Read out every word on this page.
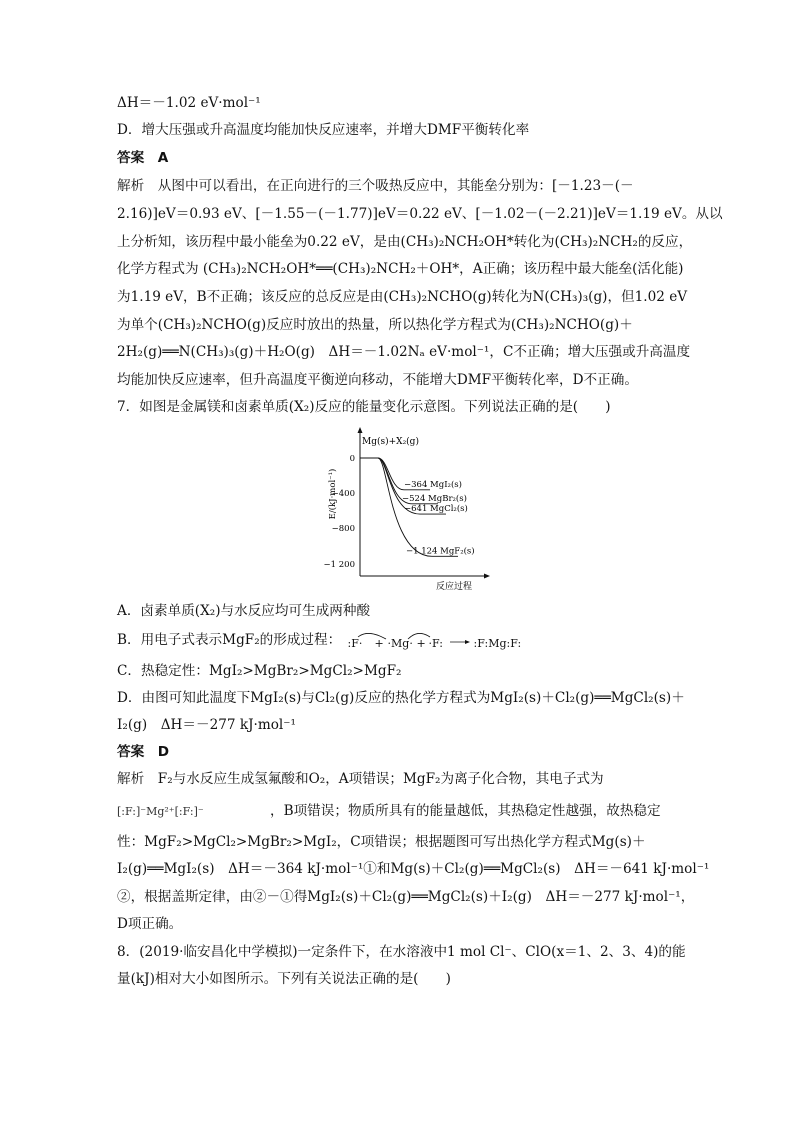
ΔH＝－1.02 eV·mol⁻¹
D．增大压强或升高温度均能加快反应速率，并增大DMF平衡转化率
答案　A
解析　从图中可以看出，在正向进行的三个吸热反应中，其能垒分别为：[－1.23－(－
2.16)]eV＝0.93 eV、[－1.55－(－1.77)]eV＝0.22 eV、[－1.02－(－2.21)]eV＝1.19 eV。从以
上分析知，该历程中最小能垒为0.22 eV，是由(CH₃)₂NCH₂OH*转化为(CH₃)₂NCH₂的反应，
化学方程式为 (CH₃)₂NCH₂OH*══(CH₃)₂NCH₂＋OH*，A正确；该历程中最大能垒(活化能)
为1.19 eV，B不正确；该反应的总反应是由(CH₃)₂NCHO(g)转化为N(CH₃)₃(g)，但1.02 eV
为单个(CH₃)₂NCHO(g)反应时放出的热量，所以热化学方程式为(CH₃)₂NCHO(g)＋
2H₂(g)══N(CH₃)₃(g)＋H₂O(g)　ΔH＝－1.02Nₐ eV·mol⁻¹，C不正确；增大压强或升高温度
均能加快反应速率，但升高温度平衡逆向移动，不能增大DMF平衡转化率，D不正确。
7．如图是金属镁和卤素单质(X₂)反应的能量变化示意图。下列说法正确的是(　　)
E/(kJ·mol⁻¹)
Mg(s)+X₂(g)
0
−400
−800
−1 200
−364 MgI₂(s)
−524 MgBr₂(s)
−641 MgCl₂(s)
−1 124 MgF₂(s)
反应过程
A．卤素单质(X₂)与水反应均可生成两种酸
B．用电子式表示MgF₂的形成过程： :F· + ·Mg· + ·F:	:F:Mg:F:
C．热稳定性：MgI₂>MgBr₂>MgCl₂>MgF₂
D．由图可知此温度下MgI₂(s)与Cl₂(g)反应的热化学方程式为MgI₂(s)＋Cl₂(g)══MgCl₂(s)＋
I₂(g)　ΔH＝－277 kJ·mol⁻¹
答案　D
解析　F₂与水反应生成氢氟酸和O₂，A项错误；MgF₂为离子化合物，其电子式为
[:F:]⁻Mg²⁺[:F:]⁻	，B项错误；物质所具有的能量越低，其热稳定性越强，故热稳定
性：MgF₂>MgCl₂>MgBr₂>MgI₂，C项错误；根据题图可写出热化学方程式Mg(s)＋
I₂(g)══MgI₂(s)　ΔH＝－364 kJ·mol⁻¹①和Mg(s)＋Cl₂(g)══MgCl₂(s)　ΔH＝－641 kJ·mol⁻¹
②，根据盖斯定律，由②－①得MgI₂(s)＋Cl₂(g)══MgCl₂(s)＋I₂(g)　ΔH＝－277 kJ·mol⁻¹，
D项正确。
8．(2019·临安昌化中学模拟)一定条件下，在水溶液中1 mol Cl⁻、ClO(x＝1、2、3、4)的能
量(kJ)相对大小如图所示。下列有关说法正确的是(　　)
